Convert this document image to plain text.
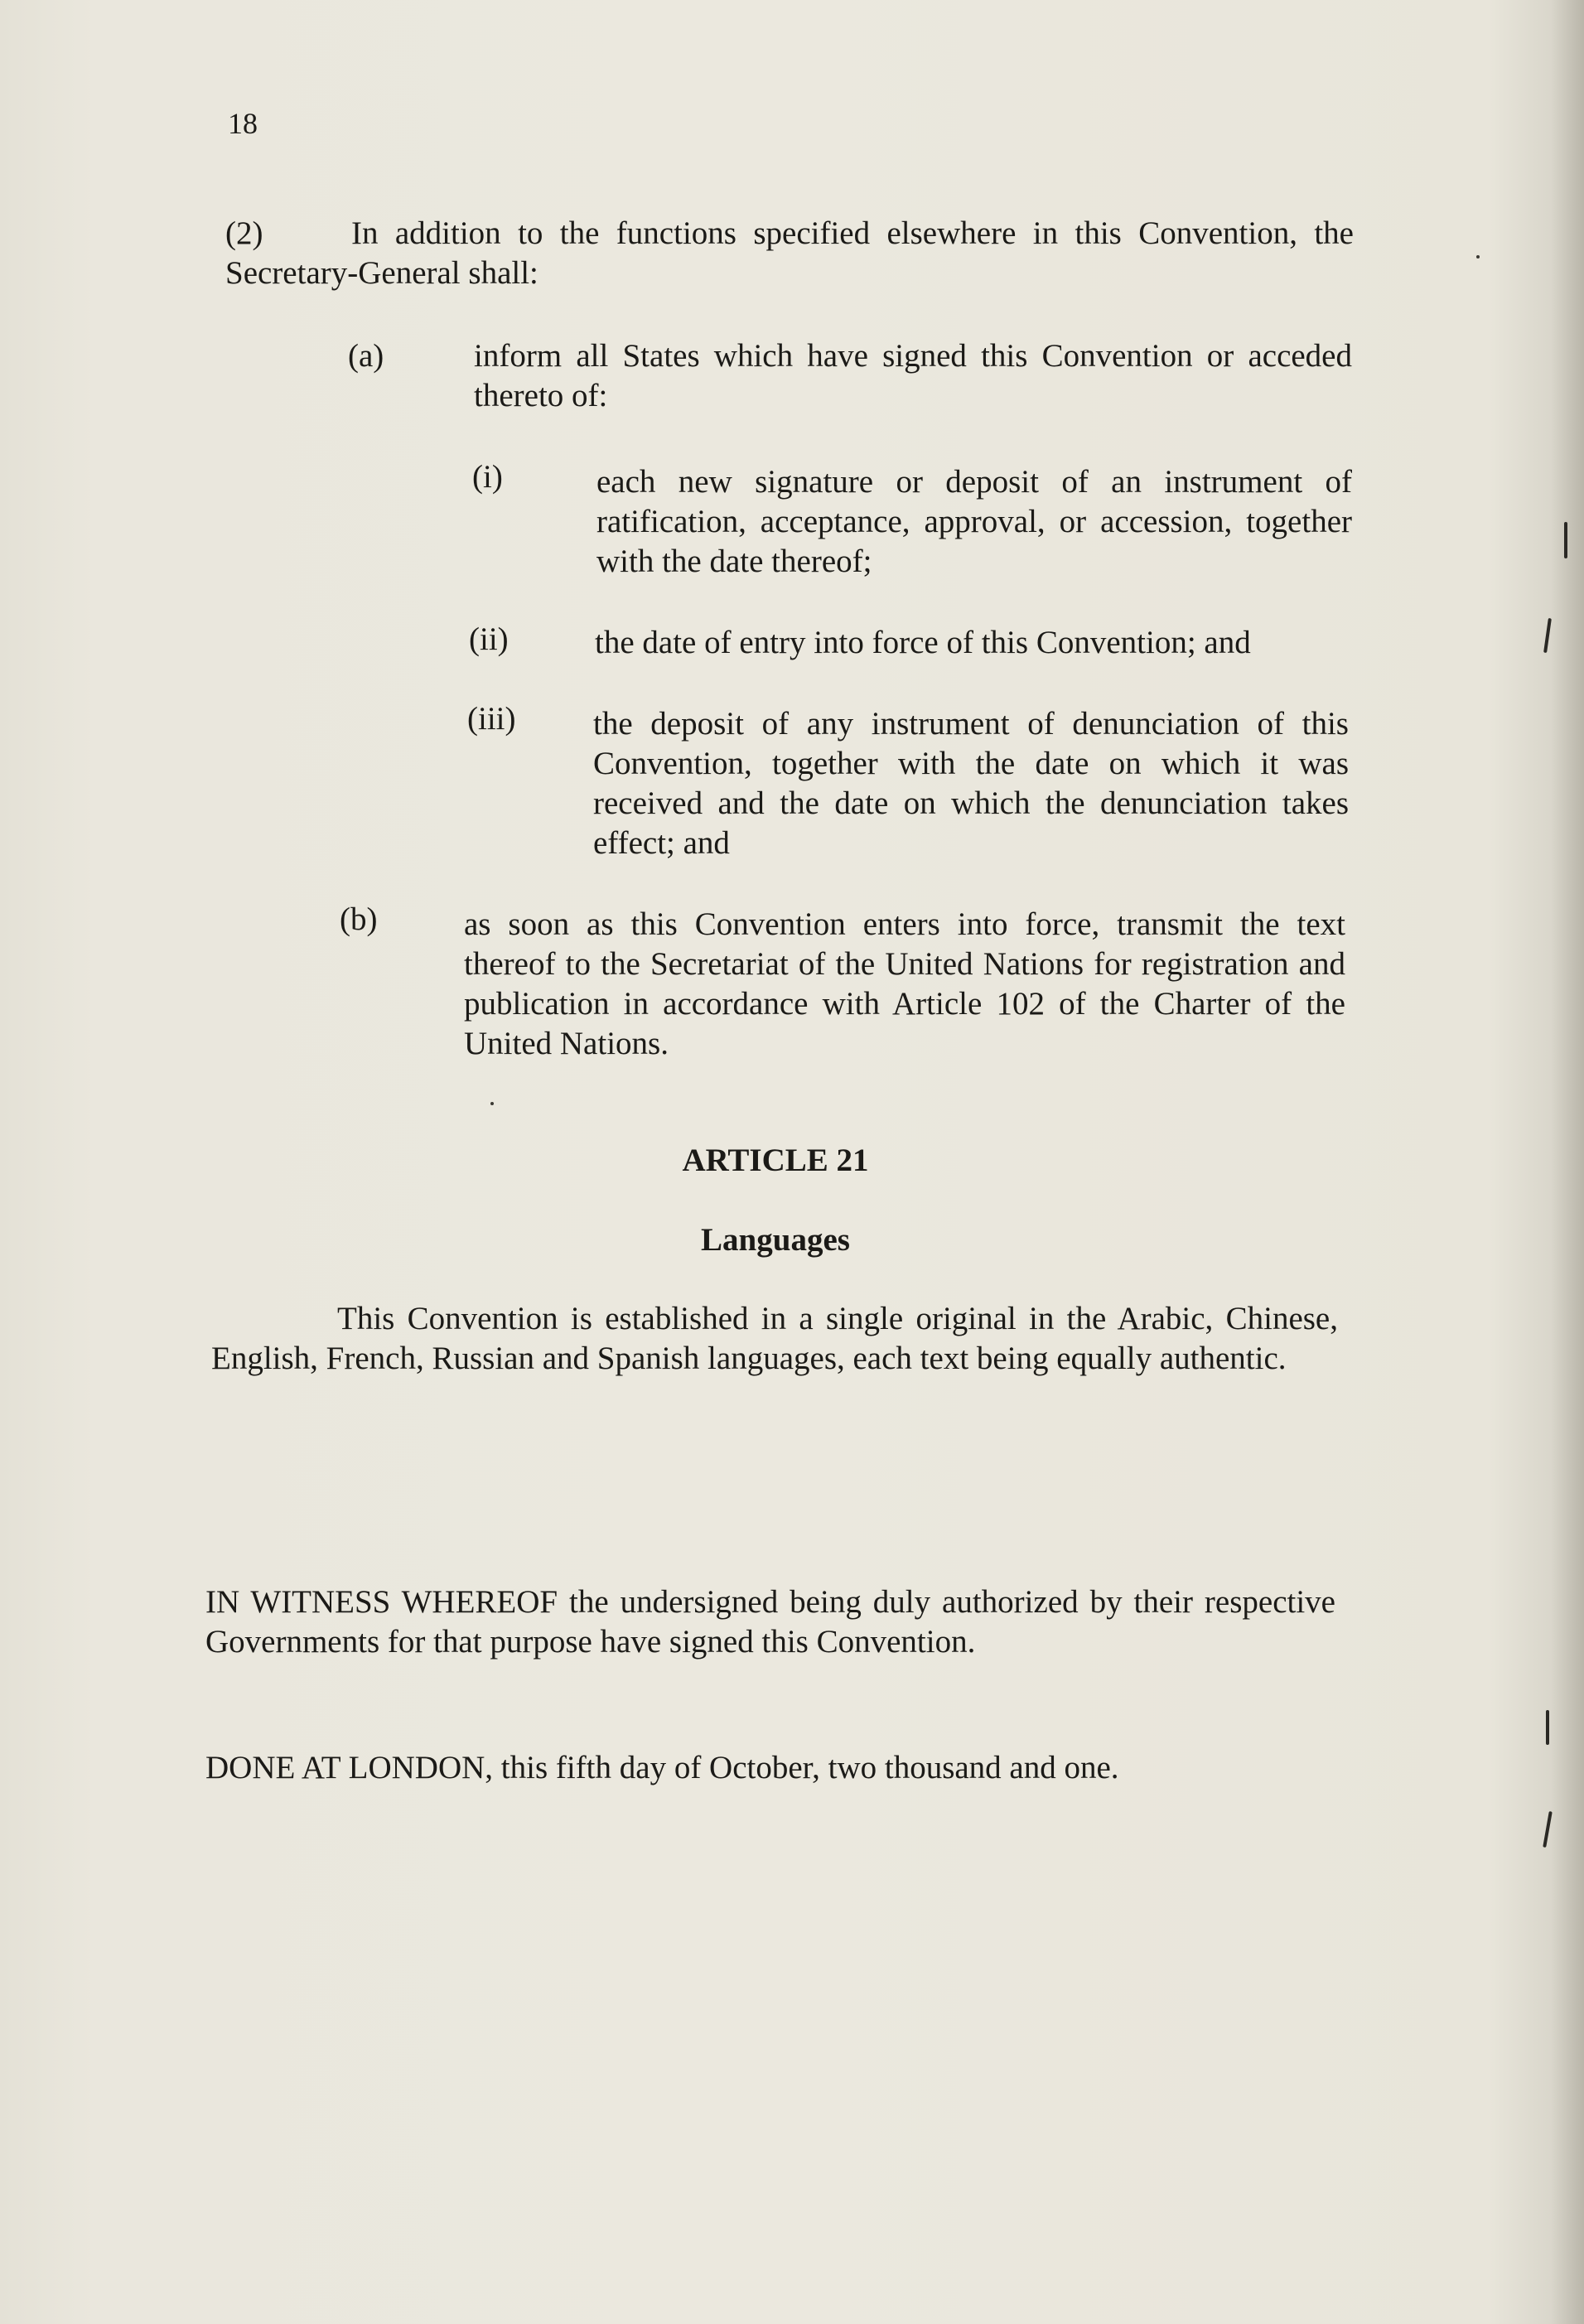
18
(2)	In addition to the functions specified elsewhere in this Convention, the Secretary-General shall:
(a)	inform all States which have signed this Convention or acceded thereto of:
(i)	each new signature or deposit of an instrument of ratification, acceptance, approval, or accession, together with the date thereof;
(ii)	the date of entry into force of this Convention; and
(iii) the deposit of any instrument of denunciation of this Convention, together with the date on which it was received and the date on which the denunciation takes effect; and
(b)	as soon as this Convention enters into force, transmit the text thereof to the Secretariat of the United Nations for registration and publication in accordance with Article 102 of the Charter of the United Nations.
ARTICLE 21
Languages
This Convention is established in a single original in the Arabic, Chinese, English, French, Russian and Spanish languages, each text being equally authentic.
IN WITNESS WHEREOF the undersigned being duly authorized by their respective Governments for that purpose have signed this Convention.
DONE AT LONDON, this fifth day of October, two thousand and one.
